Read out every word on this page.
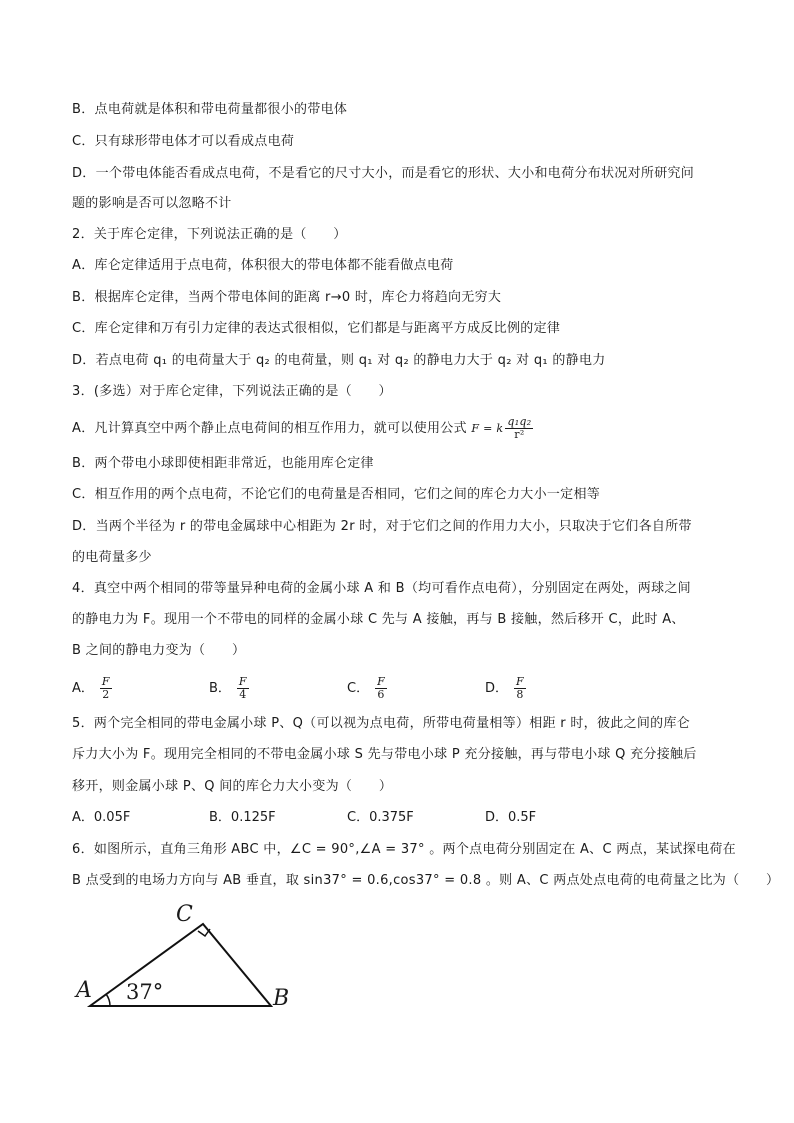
B．点电荷就是体积和带电荷量都很小的带电体
C．只有球形带电体才可以看成点电荷
D．一个带电体能否看成点电荷，不是看它的尺寸大小，而是看它的形状、大小和电荷分布状况对所研究问
题的影响是否可以忽略不计
2．关于库仑定律，下列说法正确的是（　　）
A．库仑定律适用于点电荷，体积很大的带电体都不能看做点电荷
B．根据库仑定律，当两个带电体间的距离 r→0 时，库仑力将趋向无穷大
C．库仑定律和万有引力定律的表达式很相似，它们都是与距离平方成反比例的定律
D．若点电荷 q₁ 的电荷量大于 q₂ 的电荷量，则 q₁ 对 q₂ 的静电力大于 q₂ 对 q₁ 的静电力
3．(多选）对于库仑定律，下列说法正确的是（　　）
A．凡计算真空中两个静止点电荷间的相互作用力，就可以使用公式 F = k $\frac{\text{q₁q₂}}{\text{r²}}$
B．两个带电小球即使相距非常近，也能用库仑定律
C．相互作用的两个点电荷，不论它们的电荷量是否相同，它们之间的库仑力大小一定相等
D．当两个半径为 r 的带电金属球中心相距为 2r 时，对于它们之间的作用力大小，只取决于它们各自所带
的电荷量多少
4．真空中两个相同的带等量异种电荷的金属小球 A 和 B（均可看作点电荷），分别固定在两处，两球之间
的静电力为 F。现用一个不带电的同样的金属小球 C 先与 A 接触，再与 B 接触，然后移开 C，此时 A、
B 之间的静电力变为（　　）
A． $\frac{F}{2}$	B． $\frac{F}{4}$	C． $\frac{F}{6}$	D． $\frac{F}{8}$
5．两个完全相同的带电金属小球 P、Q（可以视为点电荷，所带电荷量相等）相距 r 时，彼此之间的库仑
斥力大小为 F。现用完全相同的不带电金属小球 S 先与带电小球 P 充分接触，再与带电小球 Q 充分接触后
移开，则金属小球 P、Q 间的库仑力大小变为（　　）
A．0.05F	B．0.125F	C．0.375F	D．0.5F
6．如图所示，直角三角形 ABC 中，∠C = 90°,∠A = 37° 。两个点电荷分别固定在 A、C 两点，某试探电荷在
B 点受到的电场力方向与 AB 垂直，取 sin37° = 0.6,cos37° = 0.8 。则 A、C 两点处点电荷的电荷量之比为（　　）
A	B
C
37°
